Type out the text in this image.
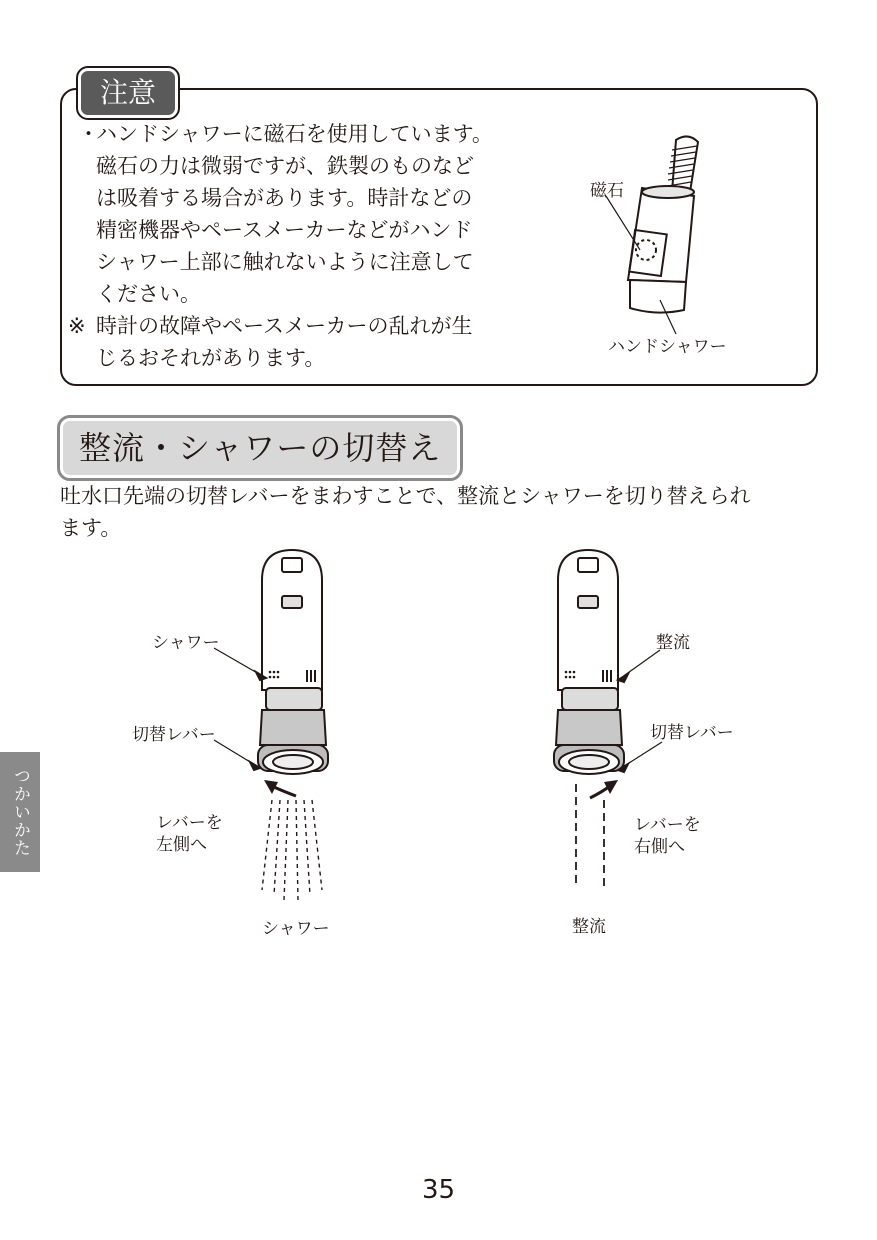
注意
・
ハンドシャワーに磁石を使用しています。
磁石の力は微弱ですが、鉄製のものなど
は吸着する場合があります。時計などの
精密機器やペースメーカーなどがハンド
シャワー上部に触れないように注意して
ください。
※ 時計の故障やペースメーカーの乱れが生
じるおそれがあります。
磁石
ハンドシャワー
整流・シャワーの切替え
吐水口先端の切替レバーをまわすことで、整流とシャワーを切り替えられ
ます。
シャワー
切替レバー
レバーを
左側へ
シャワー
整流
切替レバー
レバーを
右側へ
整流
つかいかた
35
